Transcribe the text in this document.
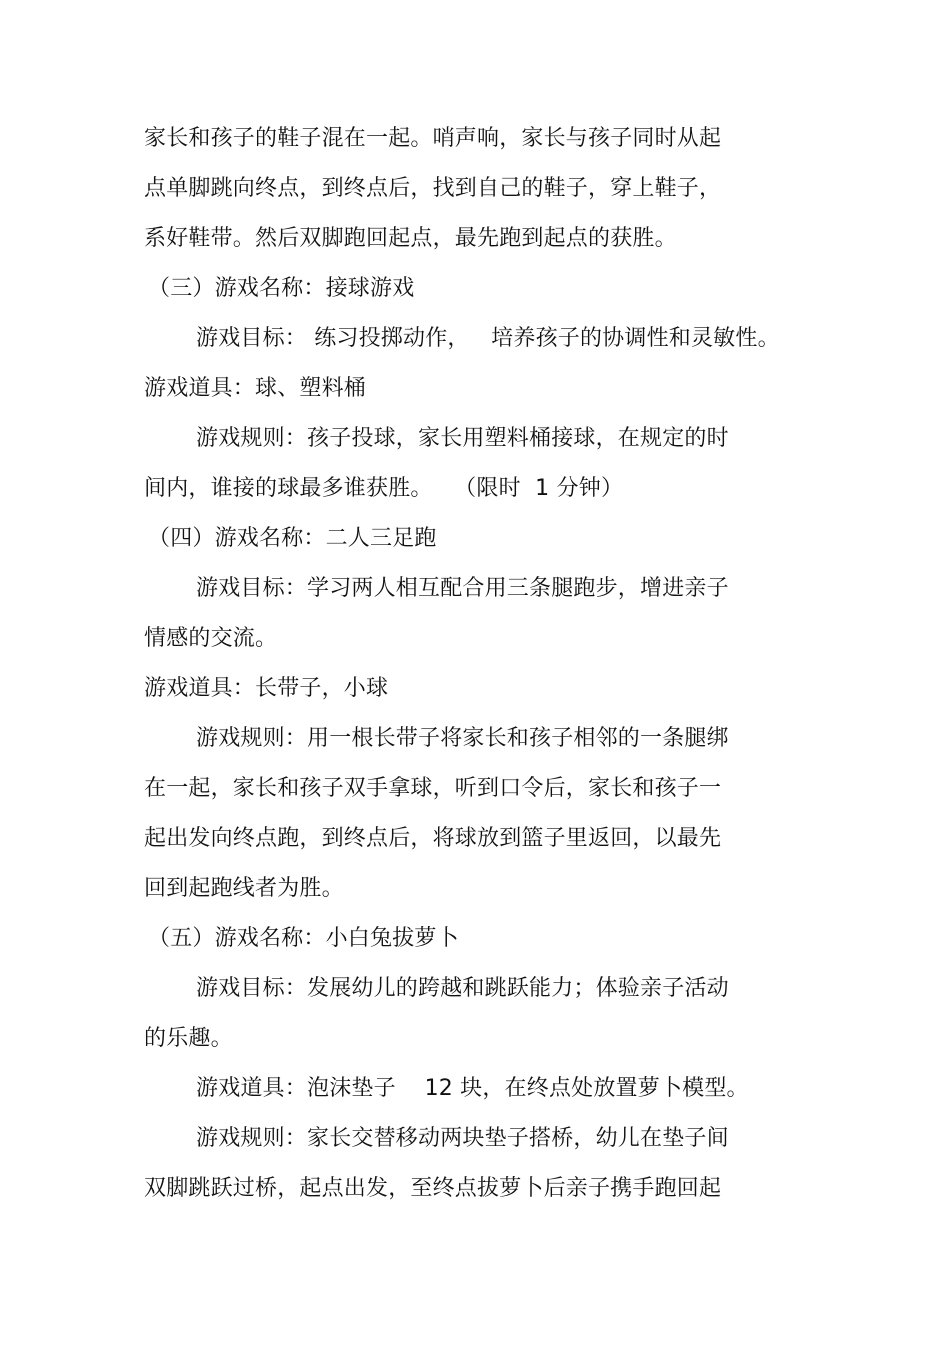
家长和孩子的鞋子混在一起。哨声响，家长与孩子同时从起
点单脚跳向终点，到终点后，找到自己的鞋子，穿上鞋子，
系好鞋带。然后双脚跑回起点，最先跑到起点的获胜。
（三）游戏名称：接球游戏
游戏目标： 练习投掷动作，   培养孩子的协调性和灵敏性。
游戏道具：球、塑料桶
游戏规则：孩子投球，家长用塑料桶接球，在规定的时
间内，谁接的球最多谁获胜。   （限时  1 分钟）
（四）游戏名称：二人三足跑
游戏目标：学习两人相互配合用三条腿跑步，增进亲子
情感的交流。
游戏道具：长带子，小球
游戏规则：用一根长带子将家长和孩子相邻的一条腿绑
在一起，家长和孩子双手拿球，听到口令后，家长和孩子一
起出发向终点跑，到终点后，将球放到篮子里返回，以最先
回到起跑线者为胜。
（五）游戏名称：小白兔拔萝卜
游戏目标：发展幼儿的跨越和跳跃能力；体验亲子活动
的乐趣。
游戏道具：泡沫垫子    12 块，在终点处放置萝卜模型。
游戏规则：家长交替移动两块垫子搭桥，幼儿在垫子间
双脚跳跃过桥，起点出发，至终点拔萝卜后亲子携手跑回起
